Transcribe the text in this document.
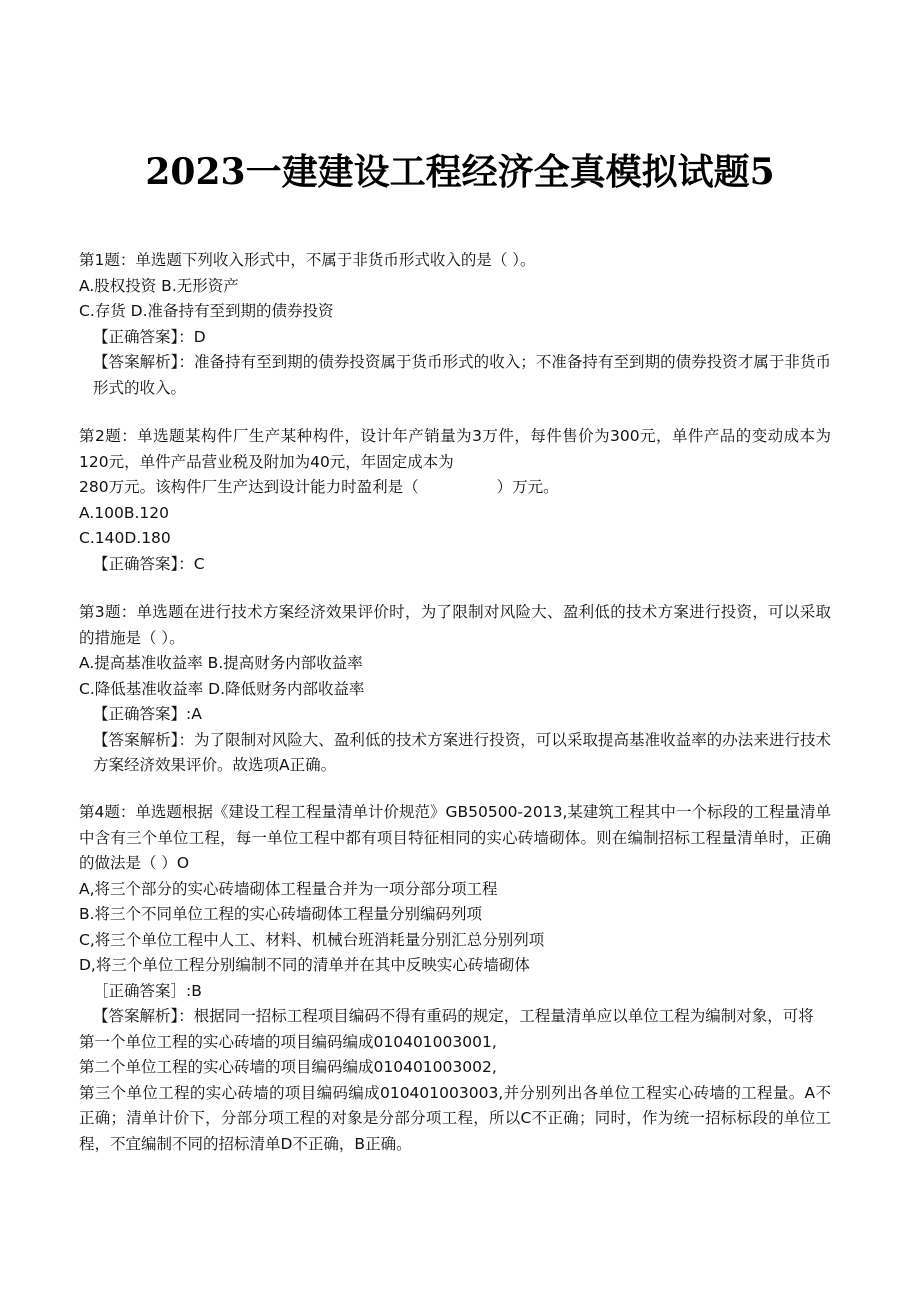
2023一建建设工程经济全真模拟试题5
第1题：单选题下列收入形式中，不属于非货币形式收入的是（ ）。
A.股权投资 B.无形资产
C.存货 D.准备持有至到期的债券投资
【正确答案】：D
【答案解析】：准备持有至到期的债券投资属于货币形式的收入；不准备持有至到期的债券投资才属于非货币形式的收入。
第2题：单选题某构件厂生产某种构件，设计年产销量为3万件，每件售价为300元，单件产品的变动成本为120元，单件产品营业税及附加为40元，年固定成本为
280万元。该构件厂生产达到设计能力时盈利是（	）万元。
A.100B.120
C.140D.180
【正确答案】：C
第3题：单选题在进行技术方案经济效果评价时，为了限制对风险大、盈利低的技术方案进行投资，可以采取的措施是（ ）。
A.提高基准收益率 B.提高财务内部收益率
C.降低基准收益率 D.降低财务内部收益率
【正确答案】:A
【答案解析】：为了限制对风险大、盈利低的技术方案进行投资，可以采取提高基准收益率的办法来进行技术方案经济效果评价。故选项A正确。
第4题：单选题根据《建设工程工程量清单计价规范》GB50500-2013,某建筑工程其中一个标段的工程量清单中含有三个单位工程，每一单位工程中都有项目特征相同的实心砖墙砌体。则在编制招标工程量清单时，正确的做法是（ ）O
A,将三个部分的实心砖墙砌体工程量合并为一项分部分项工程
B.将三个不同单位工程的实心砖墙砌体工程量分别编码列项
C,将三个单位工程中人工、材料、机械台班消耗量分别汇总分别列项
D,将三个单位工程分别编制不同的清单并在其中反映实心砖墙砌体
［正确答案］:B
【答案解析】：根据同一招标工程项目编码不得有重码的规定，工程量清单应以单位工程为编制对象，可将
第一个单位工程的实心砖墙的项目编码编成010401003001,
第二个单位工程的实心砖墙的项目编码编成010401003002,
第三个单位工程的实心砖墙的项目编码编成010401003003,并分别列出各单位工程实心砖墙的工程量。A不正确；清单计价下，分部分项工程的对象是分部分项工程，所以C不正确；同时，作为统一招标标段的单位工程，不宜编制不同的招标清单D不正确，B正确。
